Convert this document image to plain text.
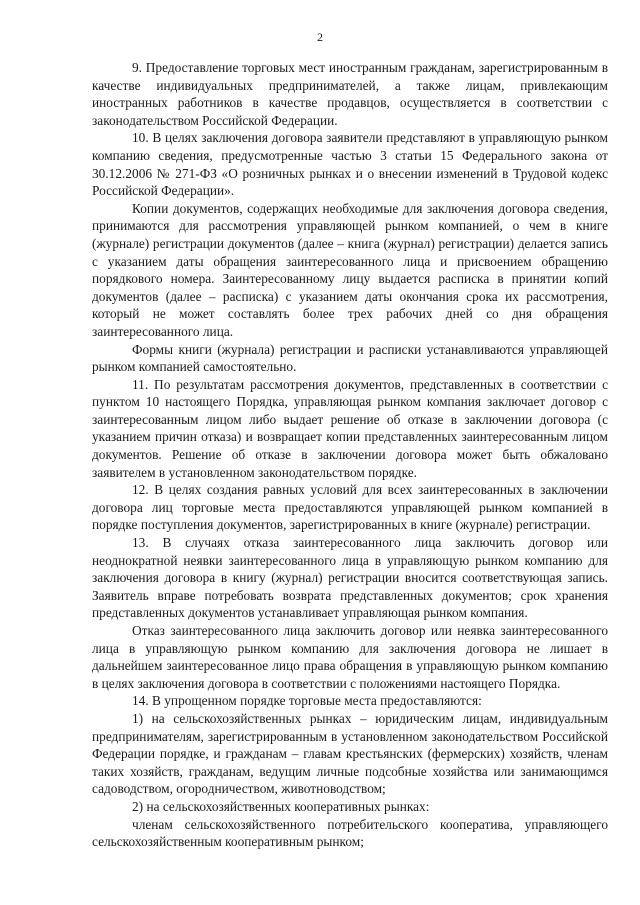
2

9. Предоставление торговых мест иностранным гражданам, зарегистрированным в качестве индивидуальных предпринимателей, а также лицам, привлекающим иностранных работников в качестве продавцов, осуществляется в соответствии с законодательством Российской Федерации.

10. В целях заключения договора заявители представляют в управляющую рынком компанию сведения, предусмотренные частью 3 статьи 15 Федерального закона от 30.12.2006 № 271-ФЗ «О розничных рынках и о внесении изменений в Трудовой кодекс Российской Федерации».

Копии документов, содержащих необходимые для заключения договора сведения, принимаются для рассмотрения управляющей рынком компанией, о чем в книге (журнале) регистрации документов (далее – книга (журнал) регистрации) делается запись с указанием даты обращения заинтересованного лица и присвоением обращению порядкового номера. Заинтересованному лицу выдается расписка в принятии копий документов (далее – расписка) с указанием даты окончания срока их рассмотрения, который не может составлять более трех рабочих дней со дня обращения заинтересованного лица.

Формы книги (журнала) регистрации и расписки устанавливаются управляющей рынком компанией самостоятельно.

11. По результатам рассмотрения документов, представленных в соответствии с пунктом 10 настоящего Порядка, управляющая рынком компания заключает договор с заинтересованным лицом либо выдает решение об отказе в заключении договора (с указанием причин отказа) и возвращает копии представленных заинтересованным лицом документов. Решение об отказе в заключении договора может быть обжаловано заявителем в установленном законодательством порядке.

12. В целях создания равных условий для всех заинтересованных в заключении договора лиц торговые места предоставляются управляющей рынком компанией в порядке поступления документов, зарегистрированных в книге (журнале) регистрации.

13. В случаях отказа заинтересованного лица заключить договор или неоднократной неявки заинтересованного лица в управляющую рынком компанию для заключения договора в книгу (журнал) регистрации вносится соответствующая запись. Заявитель вправе потребовать возврата представленных документов; срок хранения представленных документов устанавливает управляющая рынком компания.

Отказ заинтересованного лица заключить договор или неявка заинтересованного лица в управляющую рынком компанию для заключения договора не лишает в дальнейшем заинтересованное лицо права обращения в управляющую рынком компанию в целях заключения договора в соответствии с положениями настоящего Порядка.

14. В упрощенном порядке торговые места предоставляются:

1) на сельскохозяйственных рынках – юридическим лицам, индивидуальным предпринимателям, зарегистрированным в установленном законодательством Российской Федерации порядке, и гражданам – главам крестьянских (фермерских) хозяйств, членам таких хозяйств, гражданам, ведущим личные подсобные хозяйства или занимающимся садоводством, огородничеством, животноводством;

2) на сельскохозяйственных кооперативных рынках:

членам сельскохозяйственного потребительского кооператива, управляющего сельскохозяйственным кооперативным рынком;
